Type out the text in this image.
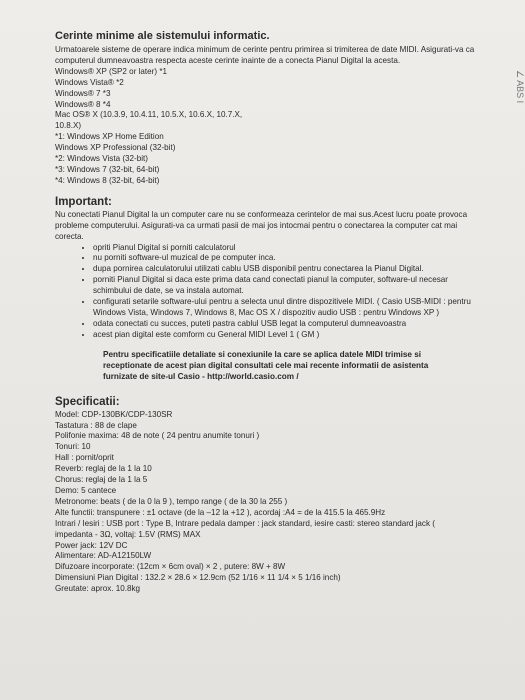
∠ ABS I
Cerinte minime ale sistemului informatic.
Urmatoarele sisteme de operare indica minimum de cerinte pentru primirea si trimiterea de date MIDI. Asigurati-va ca computerul dumneavoastra respecta aceste cerinte inainte de a conecta Pianul Digital la acesta.
Windows® XP (SP2 or later) *1
Windows Vista® *2
Windows® 7 *3
Windows® 8 *4
Mac OS® X (10.3.9, 10.4.11, 10.5.X, 10.6.X, 10.7.X,
10.8.X)
*1: Windows XP Home Edition
Windows XP Professional (32-bit)
*2: Windows Vista (32-bit)
*3: Windows 7 (32-bit, 64-bit)
*4: Windows 8 (32-bit, 64-bit)
Important:
Nu conectati Pianul Digital la un computer care nu se conformeaza cerintelor de mai sus.Acest lucru poate provoca probleme computerului. Asigurati-va ca urmati pasii de mai jos intocmai pentru o conectarea la computer cat mai corecta.
• opriti Pianul Digital si porniti calculatorul
• nu porniti software-ul muzical de pe computer inca.
• dupa pornirea calculatorului utilizati cablu USB disponibil pentru conectarea la Pianul Digital.
• porniti Pianul Digital si daca este prima data cand conectati pianul la computer, software-ul necesar schimbului de date, se va instala automat.
• configurati setarile software-ului pentru a selecta unul dintre dispozitivele MIDI. ( Casio USB-MIDI : pentru Windows Vista, Windows 7, Windows 8, Mac OS X / dispozitiv audio USB : pentru Windows XP )
• odata conectati cu succes, puteti pastra cablul USB legat la computerul dumneavoastra
• acest pian digital este comform cu General MIDI Level 1 ( GM )
Pentru specificatiile detaliate si conexiunile la care se aplica datele MIDI trimise si receptionate de acest pian digital consultati cele mai recente informatii de asistenta furnizate de site-ul Casio - http://world.casio.com /
Specificatii:
Model: CDP-130BK/CDP-130SR
Tastatura : 88 de clape
Polifonie maxima: 48 de note ( 24 pentru anumite tonuri )
Tonuri: 10
Hall : pornit/oprit
Reverb: reglaj de la 1 la 10
Chorus: reglaj de la 1 la 5
Demo: 5 cantece
Metronome: beats ( de la 0 la 9 ), tempo range ( de la 30 la 255 )
Alte functii: transpunere : ±1 octave (de la –12 la +12 ), acordaj :A4 = de la 415.5 la 465.9Hz
Intrari / Iesiri : USB port : Type B, Intrare pedala damper : jack standard, iesire casti: stereo standard jack (
impedanta - 3Ω, voltaj: 1.5V (RMS) MAX
Power jack: 12V DC
Alimentare: AD-A12150LW
Difuzoare incorporate: (12cm × 6cm oval) × 2 , putere: 8W + 8W
Dimensiuni Pian Digital : 132.2 × 28.6 × 12.9cm (52 1/16 × 11 1/4 × 5 1/16 inch)
Greutate: aprox. 10.8kg
